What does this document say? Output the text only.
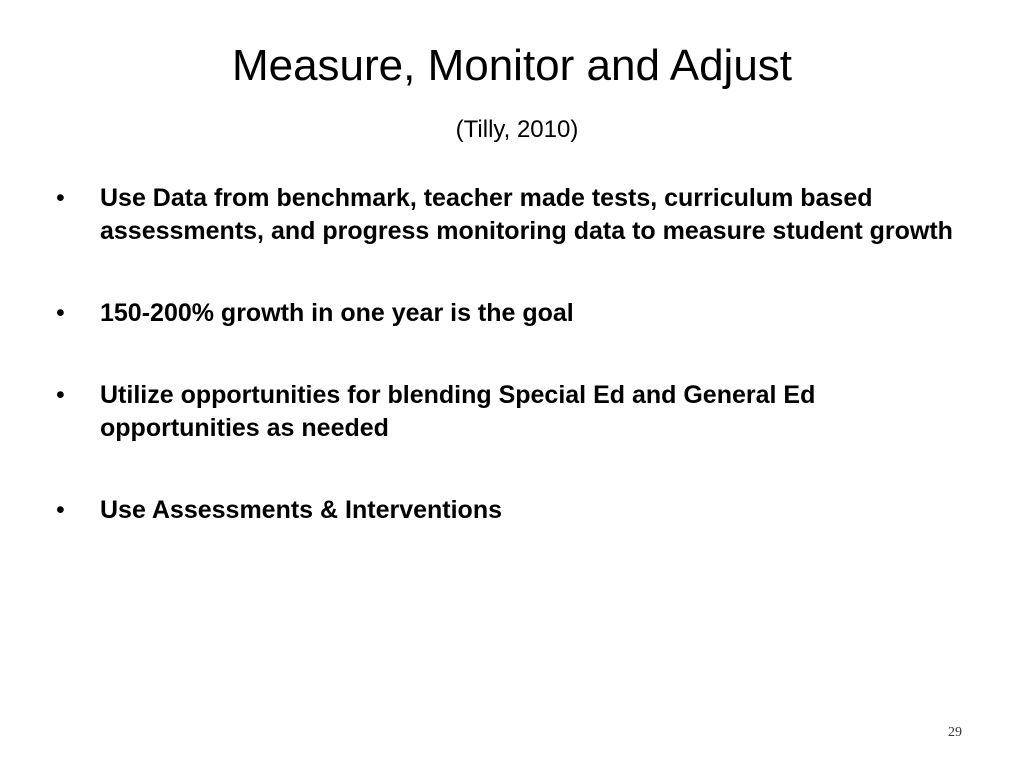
Measure, Monitor and Adjust
(Tilly, 2010)
•	Use Data from benchmark, teacher made tests, curriculum based assessments, and progress monitoring data to measure student growth
•	150-200% growth in one year is the goal
•	Utilize opportunities for blending Special Ed and General Ed opportunities as needed
•	Use Assessments & Interventions
29
